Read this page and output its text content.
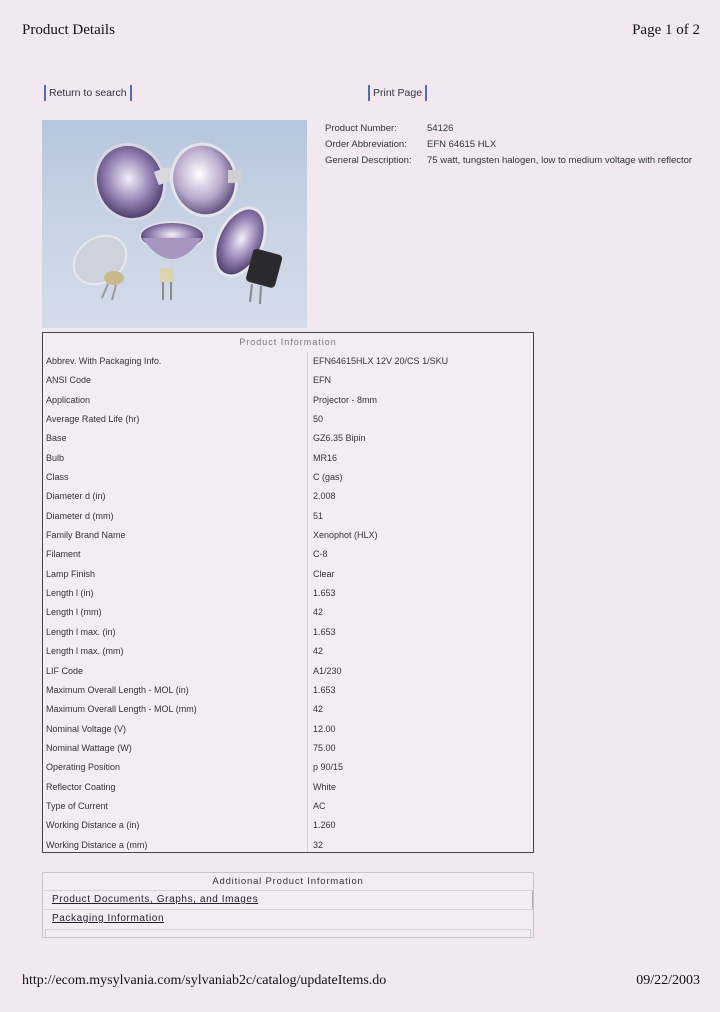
Product Details	Page 1 of 2
Return to search	Print Page
Product Number:	54126
Order Abbreviation:	EFN 64615 HLX
General Description:	75 watt, tungsten halogen, low to medium voltage with reflector
Product Information
Abbrev. With Packaging Info.	EFN64615HLX 12V 20/CS 1/SKU
ANSI Code	EFN
Application	Projector - 8mm
Average Rated Life (hr)	50
Base	GZ6.35 Bipin
Bulb	MR16
Class	C (gas)
Diameter d (in)	2.008
Diameter d (mm)	51
Family Brand Name	Xenophot (HLX)
Filament	C-8
Lamp Finish	Clear
Length l (in)	1.653
Length l (mm)	42
Length l max. (in)	1.653
Length l max. (mm)	42
LIF Code	A1/230
Maximum Overall Length - MOL (in)	1.653
Maximum Overall Length - MOL (mm)	42
Nominal Voltage (V)	12.00
Nominal Wattage (W)	75.00
Operating Position	p 90/15
Reflector Coating	White
Type of Current	AC
Working Distance a (in)	1.260
Working Distance a (mm)	32
Additional Product Information
Product Documents, Graphs, and Images
Packaging Information
http://ecom.mysylvania.com/sylvaniab2c/catalog/updateItems.do	09/22/2003
